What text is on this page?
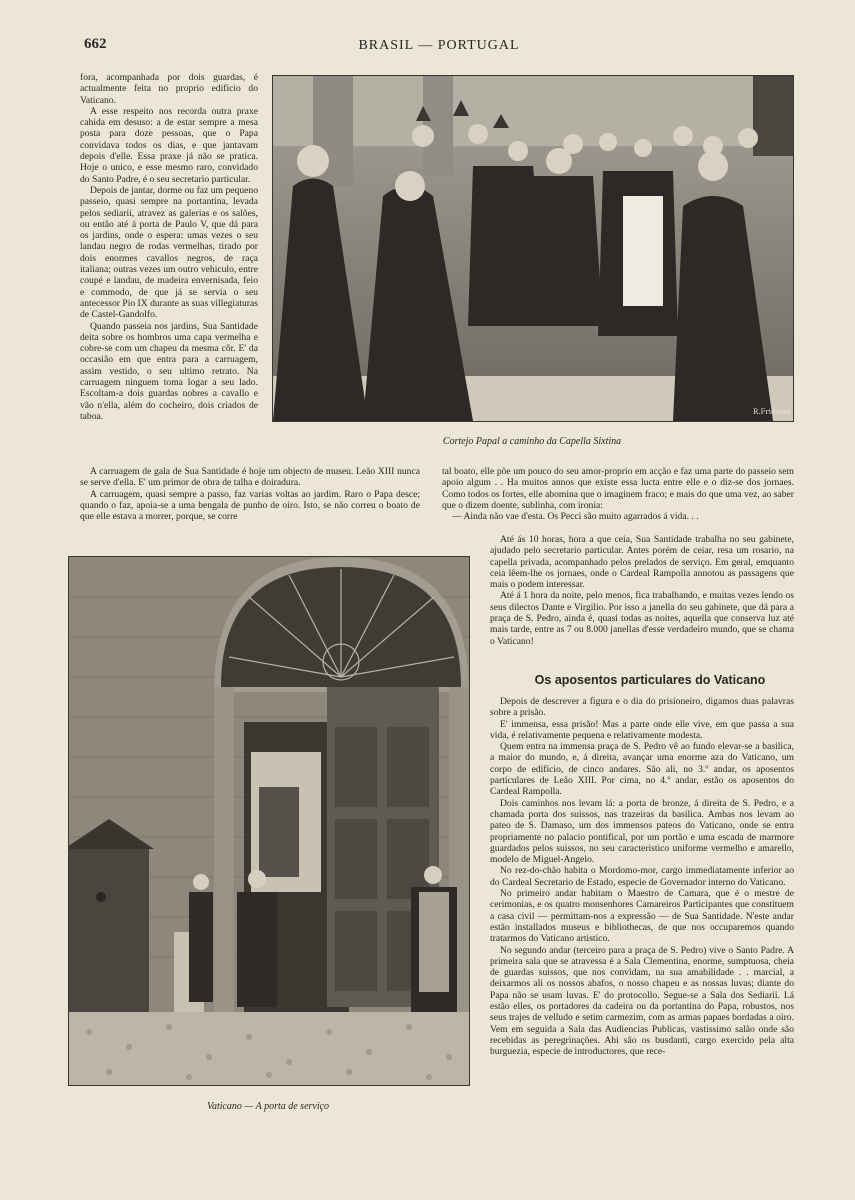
662	BRASIL — PORTUGAL

fora, acompanhada por dois guardas, é actualmente feita no proprio edificio do Vaticano.

A esse respeito nos recorda outra praxe cahida em desuso: a de estar sempre a mesa posta para doze pessoas, que o Papa convidava todos os dias, e que jantavam depois d'elle. Essa praxe já não se pratica. Hoje o unico, e esse mesmo raro, convidado do Santo Padre, é o seu secretario particular.

Depois de jantar, dorme ou faz um pequeno passeio, quasi sempre na portantina, levada pelos sediarii, atravez as galerias e os salões, ou então até á porta de Paulo V, que dá para os jardins, onde o espera: umas vezes o seu landau negro de rodas vermelhas, tirado por dois enormes cavallos negros, de raça italiana; outras vezes um outro vehiculo, entre coupé e landau, de madeira envernisada, feio e commodo, de que já se servia o seu antecessor Pio IX durante as suas villegiaturas de Castel-Gandolfo.

Quando passeia nos jardins, Sua Santidade deita sobre os hombros uma capa vermelha e cobre-se com um chapeu da mesma côr. E' da occasião em que entra para a carruagem, assim vestido, o seu ultimo retrato. Na carruagem ninguem toma logar a seu lado. Escoltam-a dois guardas nobres a cavallo e vão n'ella, além do cocheiro, dois criados de taboa.	R.Fridman
Cortejo Papal a caminho da Capella Sixtina

A carruagem de gala de Sua Santidade é hoje um objecto de museu. Leão XIII nunca se serve d'ella. E' um primor de obra de talha e doiradura.

A carruagem, quasi sempre a passo, faz varias voltas ao jardim. Raro o Papa desce; quando o faz, apoia-se a uma bengala de punho de oiro. Isto, se não correu o boato de que elle estava a morrer, porque, se corre

tal boato, elle põe um pouco do seu amor-proprio em acção e faz uma parte do passeio sem apoio algum . . Ha muitos annos que existe essa lucta entre elle e o diz-se dos jornaes. Como todos os fortes, elle abomina que o imaginem fraco; e mais do que uma vez, ao saber que o dizem doente, sublinha, com ironia:

— Ainda não vae d'esta. Os Pecci são muito agarrados á vida. . .

Até ás 10 horas, hora a que ceia, Sua Santidade trabalha no seu gabinete, ajudado pelo secretario particular. Antes porém de ceiar, resa um rosario, na capella privada, acompanhado pelos prelados de serviço. Em geral, emquanto ceia lêem-lhe os jornaes, onde o Cardeal Rampolla annotou as passagens que mais o podem interessar.

Até á 1 hora da noite, pelo menos, fica trabalhando, e muitas vezes lendo os seus dilectos Dante e Virgilio. Por isso a janella do seu gabinete, que dá para a praça de S. Pedro, ainda é, quasi todas as noites, aquella que conserva luz até mais tarde, entre as 7 ou 8.000 janellas d'esse verdadeiro mundo, que se chama o Vaticano!

Os aposentos particulares do Vaticano

Depois de descrever a figura e o dia do prisioneiro, digamos duas palavras sobre a prisão.

E' immensa, essa prisão! Mas a parte onde elle vive, em que passa a sua vida, é relativamente pequena e relativamente modesta.

Quem entra na immensa praça de S. Pedro vê ao fundo elevar-se a basilica, a maior do mundo, e, á direita, avançar uma enorme aza do Vaticano, um corpo de edificio, de cinco andares. São ali, no 3.º andar, os aposentos particulares de Leão XIII. Por cima, no 4.º andar, estão os aposentos do Cardeal Rampolla.

Dois caminhos nos levam lá: a porta de bronze, á direita de S. Pedro, e a chamada porta dos suissos, nas trazeiras da basilica. Ambas nos levam ao pateo de S. Damaso, um dos immensos pateos do Vaticano, onde se entra propriamente no palacio pontifical, por um portão e uma escada de marmore guardados pelos suissos, no seu caracteristico uniforme vermelho e amarello, modelo de Miguel-Angelo.

No rez-do-chão habita o Mordomo-mor, cargo immediatamente inferior ao do Cardeal Secretario de Estado, especie de Governador interno do Vaticano.

No primeiro andar habitam o Maestro de Camara, que é o mestre de cerimonias, e os quatro monsenhores Camareiros Participantes que constituem a casa civil — permittam-nos a expressão — de Sua Santidade. N'este andar estão installados museus e bibliothecas, de que nos occuparemos quando tratarmos do Vaticano artistico.

No segundo andar (terceiro para a praça de S. Pedro) vive o Santo Padre. A primeira sala que se atravessa é a Sala Clementina, enorme, sumptuosa, cheia de guardas suissos, que nos convidam, na sua amabilidade . . marcial, a deixarmos ali os nossos abafos, o nosso chapeu e as nossas luvas; diante do Papa não se usam luvas. E' do protocollo. Segue-se a Sala dos Sediarii. Lá estão elles, os portadores da cadeira ou da portantina do Papa, robustos, nos seus trajes de velludo e setim carmezim, com as armas papaes bordadas a oiro. Vem em seguida a Sala das Audiencias Publicas, vastissimo salão onde são recebidas as peregrinações. Ahi são os busdanti, cargo exercido pela alta burguezia, especie de introductores, que rece-

Vaticano — A porta de serviço
